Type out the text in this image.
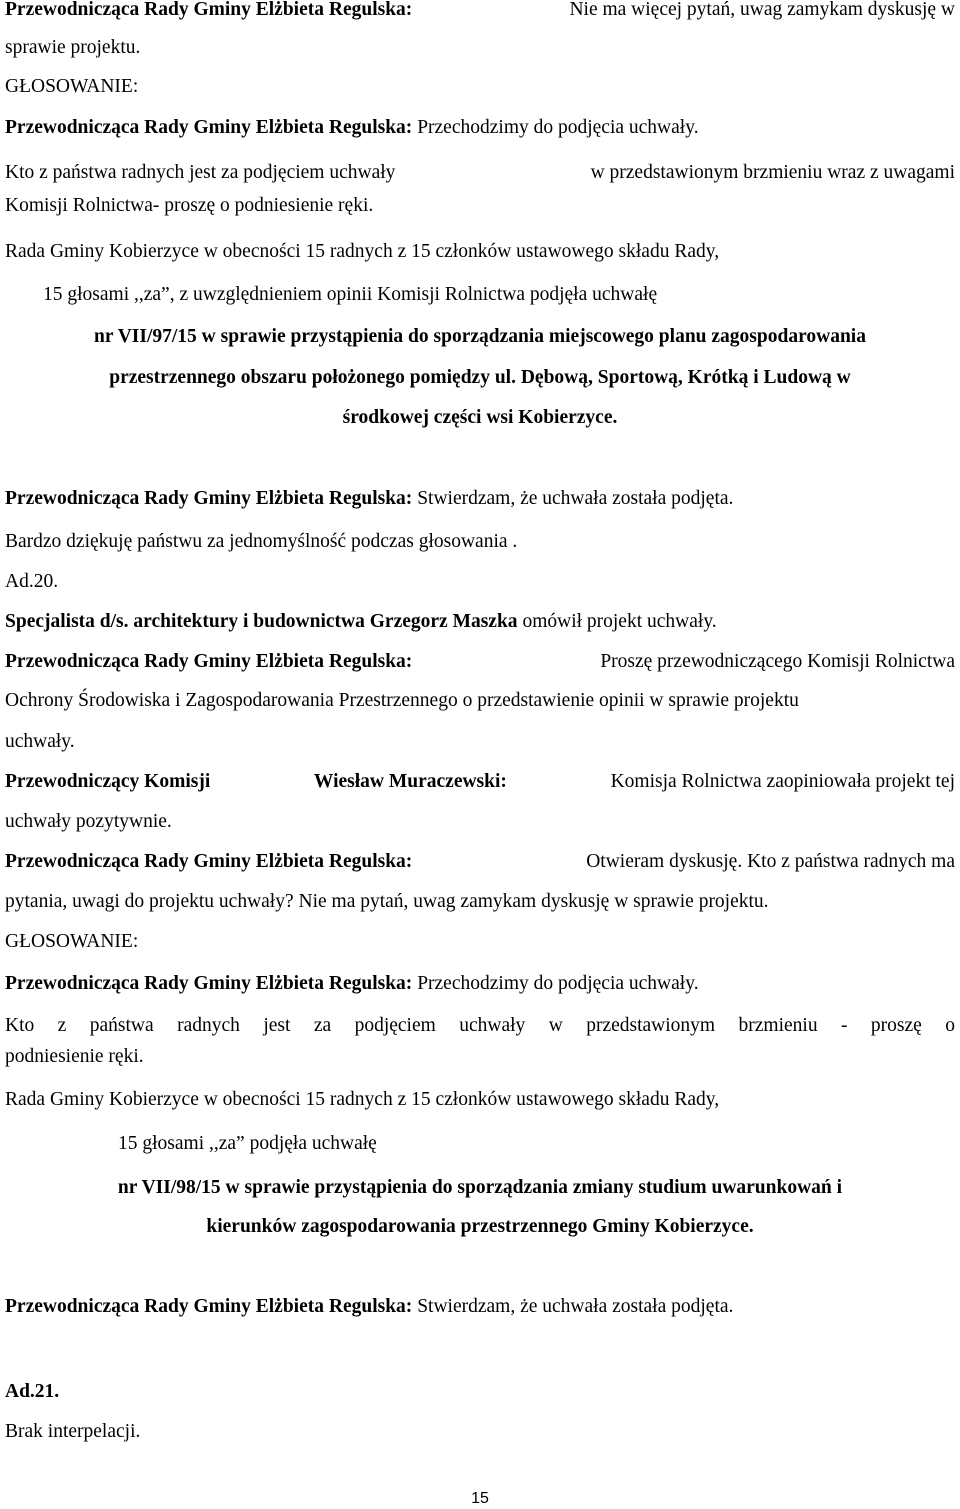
Przewodnicząca Rady Gminy Elżbieta Regulska:	Nie ma więcej pytań, uwag zamykam dyskusję w
sprawie projektu.
GŁOSOWANIE:
Przewodnicząca Rady Gminy Elżbieta Regulska: Przechodzimy do podjęcia uchwały.
Kto z państwa radnych jest za podjęciem uchwały	w przedstawionym brzmieniu wraz z uwagami
Komisji Rolnictwa- proszę o podniesienie ręki.
Rada Gminy Kobierzyce w obecności 15 radnych z 15 członków ustawowego składu Rady,
15 głosami ,,za”, z uwzględnieniem opinii Komisji Rolnictwa podjęła uchwałę
nr VII/97/15 w sprawie przystąpienia do sporządzania miejscowego planu zagospodarowania
przestrzennego obszaru położonego pomiędzy ul. Dębową, Sportową, Krótką i Ludową w
środkowej części wsi Kobierzyce.
Przewodnicząca Rady Gminy Elżbieta Regulska: Stwierdzam, że uchwała została podjęta.
Bardzo dziękuję państwu za jednomyślność podczas głosowania .
Ad.20.
Specjalista d/s. architektury i budownictwa Grzegorz Maszka omówił projekt uchwały.
Przewodnicząca Rady Gminy Elżbieta Regulska:	Proszę przewodniczącego Komisji Rolnictwa
Ochrony Środowiska i Zagospodarowania Przestrzennego o przedstawienie opinii w sprawie projektu
uchwały.
Przewodniczący Komisji	Wiesław Muraczewski:	Komisja Rolnictwa zaopiniowała projekt tej
uchwały pozytywnie.
Przewodnicząca Rady Gminy Elżbieta Regulska:	Otwieram dyskusję. Kto z państwa radnych ma
pytania, uwagi do projektu uchwały? Nie ma pytań, uwag zamykam dyskusję w sprawie projektu.
GŁOSOWANIE:
Przewodnicząca Rady Gminy Elżbieta Regulska: Przechodzimy do podjęcia uchwały.
Kto z państwa radnych jest za podjęciem uchwały w przedstawionym brzmieniu - proszę o
podniesienie ręki.
Rada Gminy Kobierzyce w obecności 15 radnych z 15 członków ustawowego składu Rady,
15 głosami ,,za” podjęła uchwałę
nr VII/98/15 w sprawie przystąpienia do sporządzania zmiany studium uwarunkowań i
kierunków zagospodarowania przestrzennego Gminy Kobierzyce.
Przewodnicząca Rady Gminy Elżbieta Regulska: Stwierdzam, że uchwała została podjęta.
Ad.21.
Brak interpelacji.
15
